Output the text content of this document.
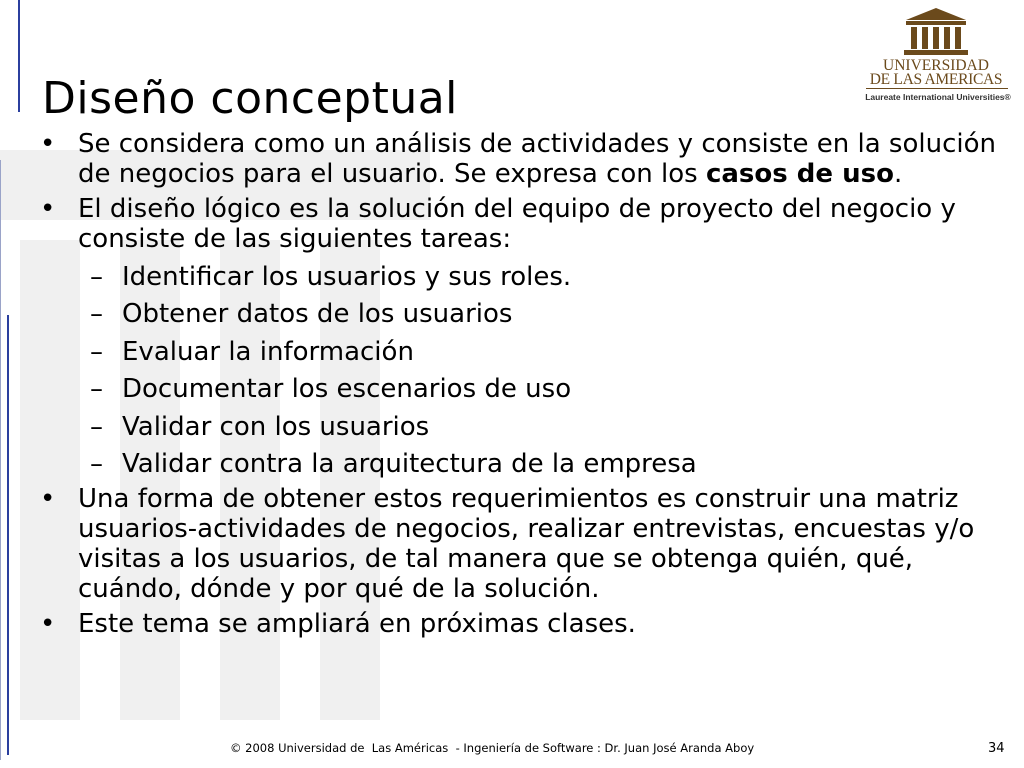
Diseño conceptual
UNIVERSIDAD
DE LAS AMERICAS
Laureate International Universities®
• Se considera como un análisis de actividades y consiste en la solución de negocios para el usuario. Se expresa con los casos de uso.
• El diseño lógico es la solución del equipo de proyecto del negocio y consiste de las siguientes tareas:
– Identificar los usuarios y sus roles.
– Obtener datos de los usuarios
– Evaluar la información
– Documentar los escenarios de uso
– Validar con los usuarios
– Validar contra la arquitectura de la empresa
• Una forma de obtener estos requerimientos es construir una matriz usuarios-actividades de negocios, realizar entrevistas, encuestas y/o visitas a los usuarios, de tal manera que se obtenga quién, qué, cuándo, dónde y por qué de la solución.
• Este tema se ampliará en próximas clases.
© 2008 Universidad de  Las Américas  - Ingeniería de Software : Dr. Juan José Aranda Aboy	34
